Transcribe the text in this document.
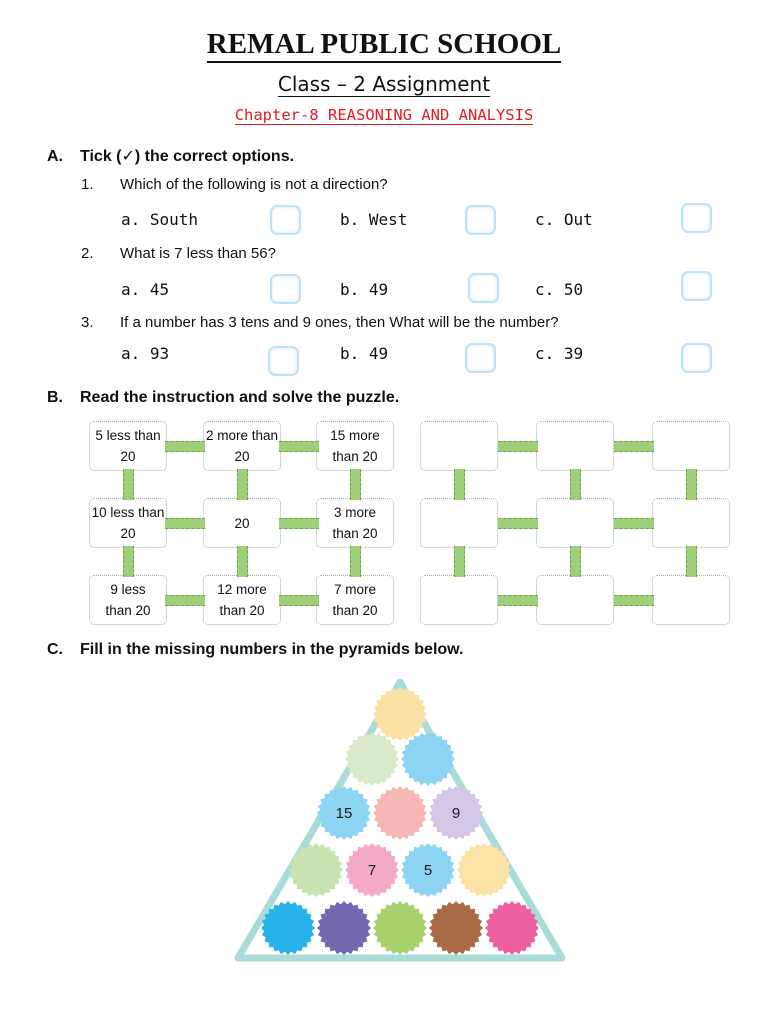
REMAL PUBLIC SCHOOL
Class – 2 Assignment
Chapter-8 REASONING AND ANALYSIS
A. Tick (✓) the correct options.
1. Which of the following is not a direction?
a. South	b. West	c. Out
2. What is 7 less than 56?
a. 45	b. 49	c. 50
3. If a number has 3 tens and 9 ones, then What will be the number?
a. 93	b. 49	c. 39
B. Read the instruction and solve the puzzle.
5 less than
20
2 more than
20
15 more
than 20
10 less than
20
20
3 more
than 20
9 less
than 20
12 more
than 20
7 more
than 20
C. Fill in the missing numbers in the pyramids below.
7	5
15	9
